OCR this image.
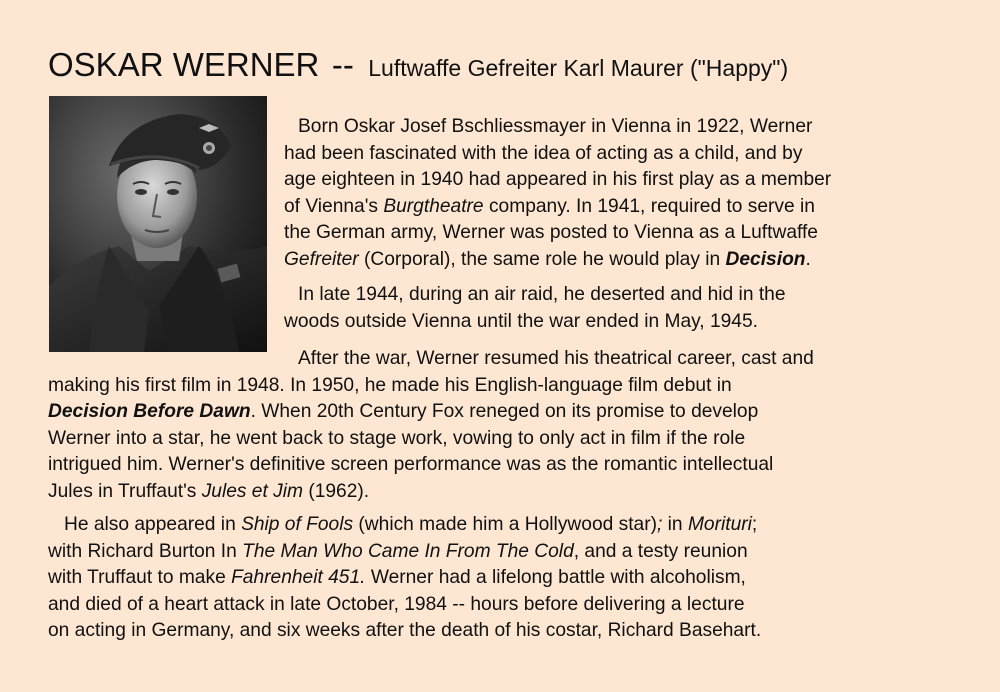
OSKAR WERNER -- Luftwaffe Gefreiter Karl Maurer ("Happy")

Born Oskar Josef Bschliessmayer in Vienna in 1922, Werner
had been fascinated with the idea of acting as a child, and by
age eighteen in 1940 had appeared in his first play as a member
of Vienna's Burgtheatre company. In 1941, required to serve in
the German army, Werner was posted to Vienna as a Luftwaffe
Gefreiter (Corporal), the same role he would play in Decision.

In late 1944, during an air raid, he deserted and hid in the
woods outside Vienna until the war ended in May, 1945.

After the war, Werner resumed his theatrical career, cast and
making his first film in 1948. In 1950, he made his English-language film debut in
Decision Before Dawn. When 20th Century Fox reneged on its promise to develop
Werner into a star, he went back to stage work, vowing to only act in film if the role
intrigued him. Werner's definitive screen performance was as the romantic intellectual
Jules in Truffaut's Jules et Jim (1962).

He also appeared in Ship of Fools (which made him a Hollywood star); in Morituri;
with Richard Burton In The Man Who Came In From The Cold, and a testy reunion
with Truffaut to make Fahrenheit 451. Werner had a lifelong battle with alcoholism,
and died of a heart attack in late October, 1984 -- hours before delivering a lecture
on acting in Germany, and six weeks after the death of his costar, Richard Basehart.
